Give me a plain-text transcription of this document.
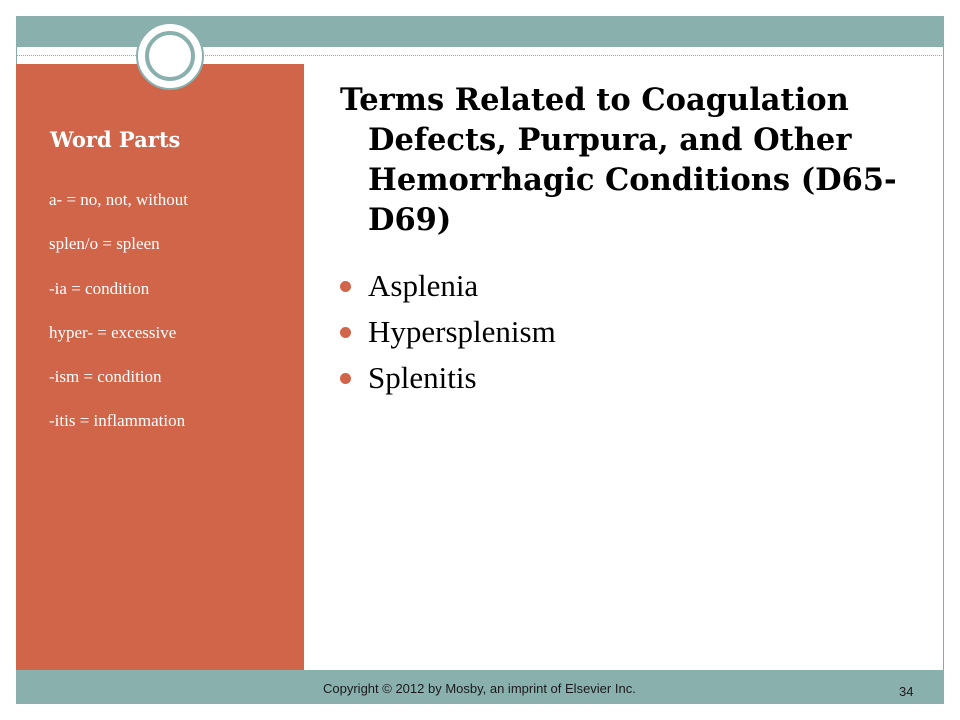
Word Parts
a- = no, not, without
splen/o = spleen
-ia = condition
hyper- = excessive
-ism = condition
-itis = inflammation
Terms Related to Coagulation Defects, Purpura, and Other Hemorrhagic Conditions (D65-D69)
Asplenia
Hypersplenism
Splenitis

Copyright © 2012 by Mosby, an imprint of Elsevier Inc.	34
